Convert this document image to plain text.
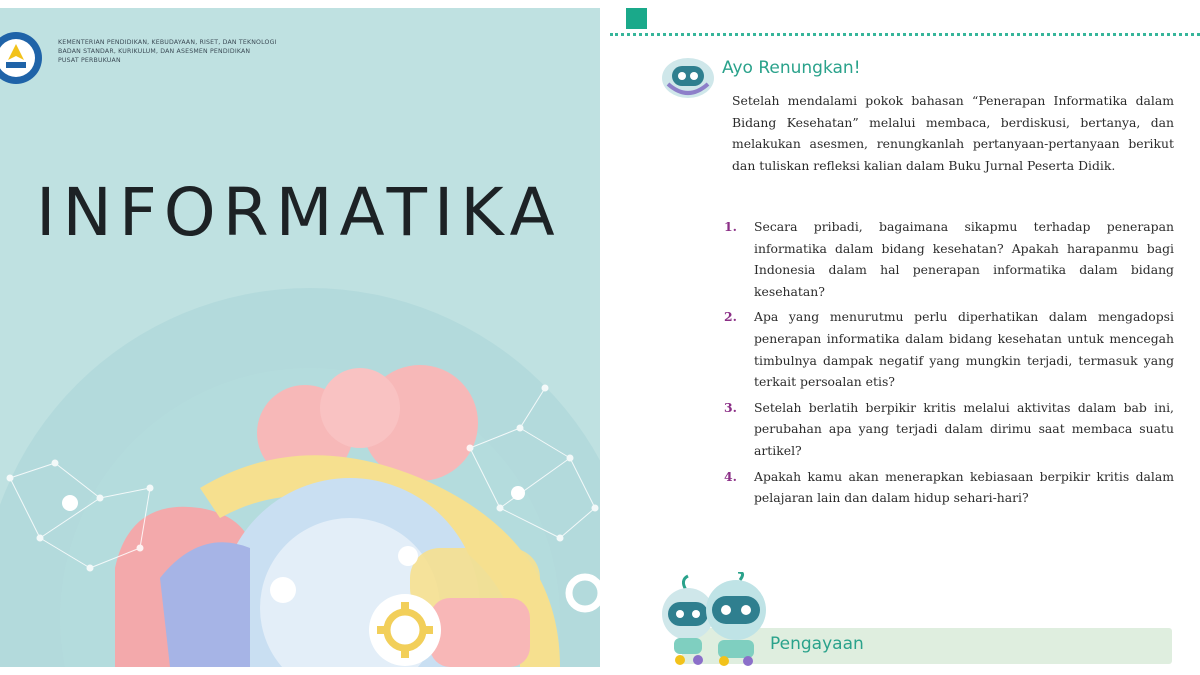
KEMENTERIAN PENDIDIKAN, KEBUDAYAAN, RISET, DAN TEKNOLOGI
BADAN STANDAR, KURIKULUM, DAN ASESMEN PENDIDIKAN
PUSAT PERBUKUAN
INFORMATIKA
Ayo Renungkan!

Setelah mendalami pokok bahasan “Penerapan Informatika dalam Bidang Kesehatan” melalui membaca, berdiskusi, bertanya, dan melakukan asesmen, renungkanlah pertanyaan-pertanyaan berikut dan tuliskan refleksi kalian dalam Buku Jurnal Peserta Didik.

1. Secara pribadi, bagaimana sikapmu terhadap penerapan informatika dalam bidang kesehatan? Apakah harapanmu bagi Indonesia dalam hal penerapan informatika dalam bidang kesehatan?
2. Apa yang menurutmu perlu diperhatikan dalam mengadopsi penerapan informatika dalam bidang kesehatan untuk mencegah timbulnya dampak negatif yang mungkin terjadi, termasuk yang terkait persoalan etis?
3. Setelah berlatih berpikir kritis melalui aktivitas dalam bab ini, perubahan apa yang terjadi dalam dirimu saat membaca suatu artikel?
4. Apakah kamu akan menerapkan kebiasaan berpikir kritis dalam pelajaran lain dan dalam hidup sehari-hari?
Pengayaan
